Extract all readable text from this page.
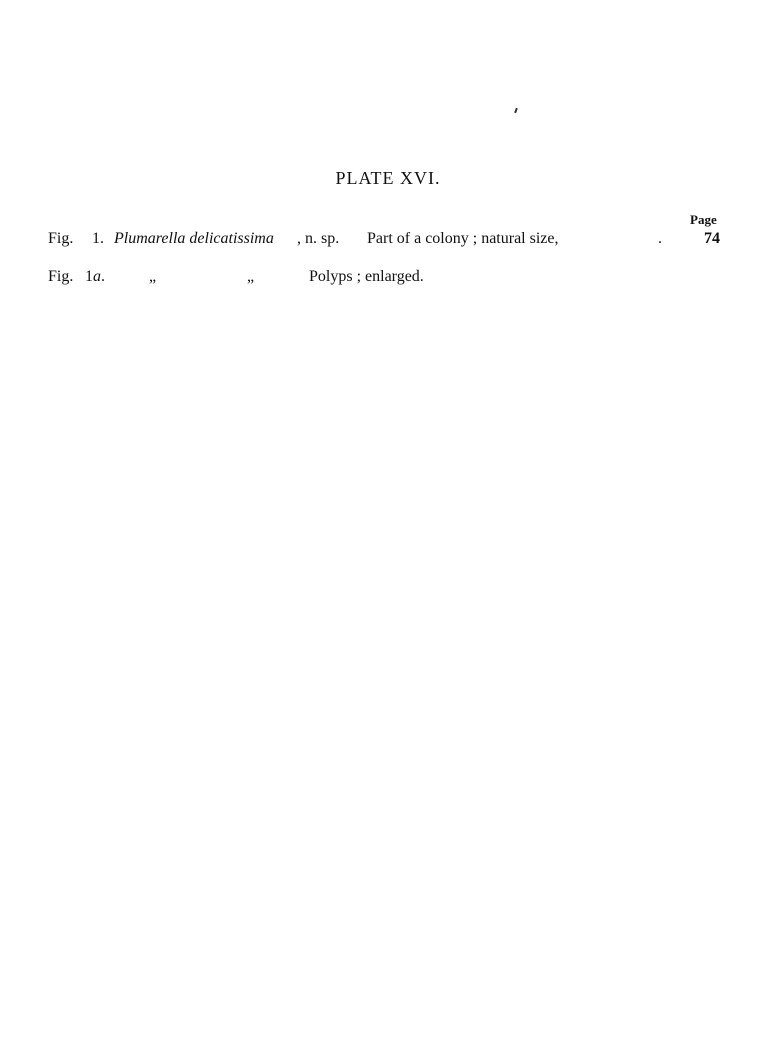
PLATE XVI.
Page
Fig. 1. Plumarella delicatissima , n. sp. Part of a colony ; natural size,	.	74
Fig. 1a.	„	„	Polyps ; enlarged.
